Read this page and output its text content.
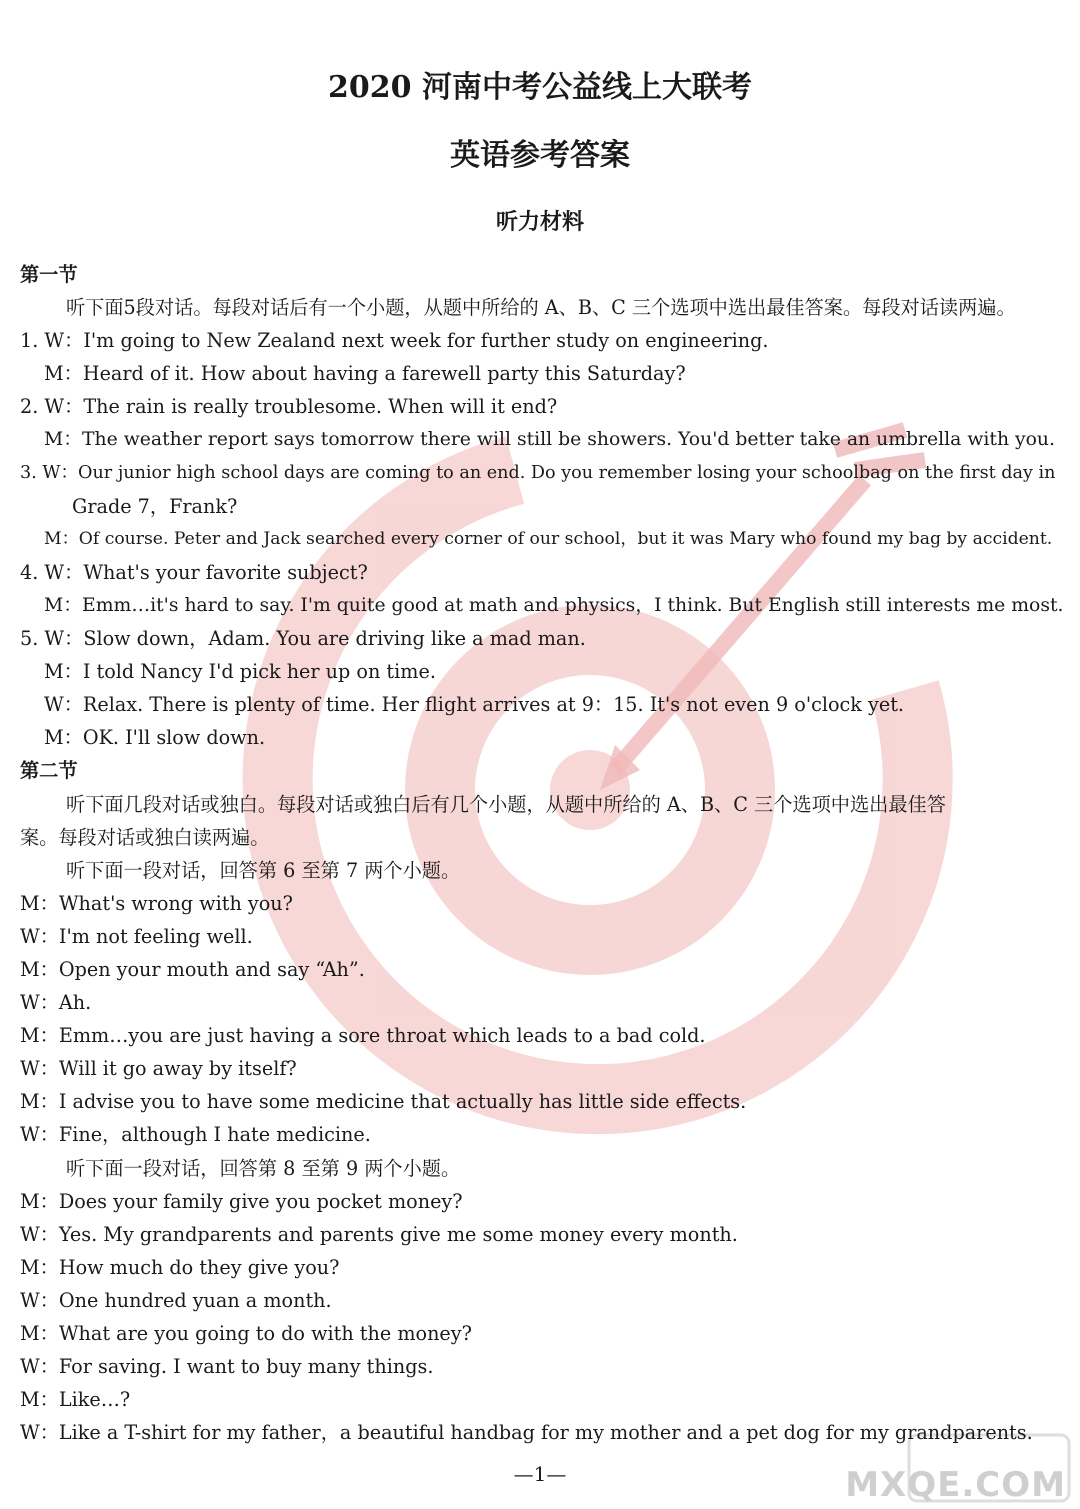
MXQE.COM
2020 河南中考公益线上大联考
英语参考答案
听力材料
第一节
听下面5段对话。每段对话后有一个小题，从题中所给的 A、B、C 三个选项中选出最佳答案。每段对话读两遍。
1. W：I'm going to New Zealand next week for further study on engineering.
M：Heard of it. How about having a farewell party this Saturday?
2. W：The rain is really troublesome. When will it end?
M：The weather report says tomorrow there will still be showers. You'd better take an umbrella with you.
3. W：Our junior high school days are coming to an end. Do you remember losing your schoolbag on the first day in
Grade 7，Frank?
M：Of course. Peter and Jack searched every corner of our school，but it was Mary who found my bag by accident.
4. W：What's your favorite subject?
M：Emm…it's hard to say. I'm quite good at math and physics，I think. But English still interests me most.
5. W：Slow down，Adam. You are driving like a mad man.
M：I told Nancy I'd pick her up on time.
W：Relax. There is plenty of time. Her flight arrives at 9：15. It's not even 9 o'clock yet.
M：OK. I'll slow down.
第二节
听下面几段对话或独白。每段对话或独白后有几个小题，从题中所给的 A、B、C 三个选项中选出最佳答
案。每段对话或独白读两遍。
听下面一段对话，回答第 6 至第 7 两个小题。
M：What's wrong with you?
W：I'm not feeling well.
M：Open your mouth and say “Ah”.
W：Ah.
M：Emm…you are just having a sore throat which leads to a bad cold.
W：Will it go away by itself?
M：I advise you to have some medicine that actually has little side effects.
W：Fine，although I hate medicine.
听下面一段对话，回答第 8 至第 9 两个小题。
M：Does your family give you pocket money?
W：Yes. My grandparents and parents give me some money every month.
M：How much do they give you?
W：One hundred yuan a month.
M：What are you going to do with the money?
W：For saving. I want to buy many things.
M：Like…?
W：Like a T-shirt for my father，a beautiful handbag for my mother and a pet dog for my grandparents.
—1—
